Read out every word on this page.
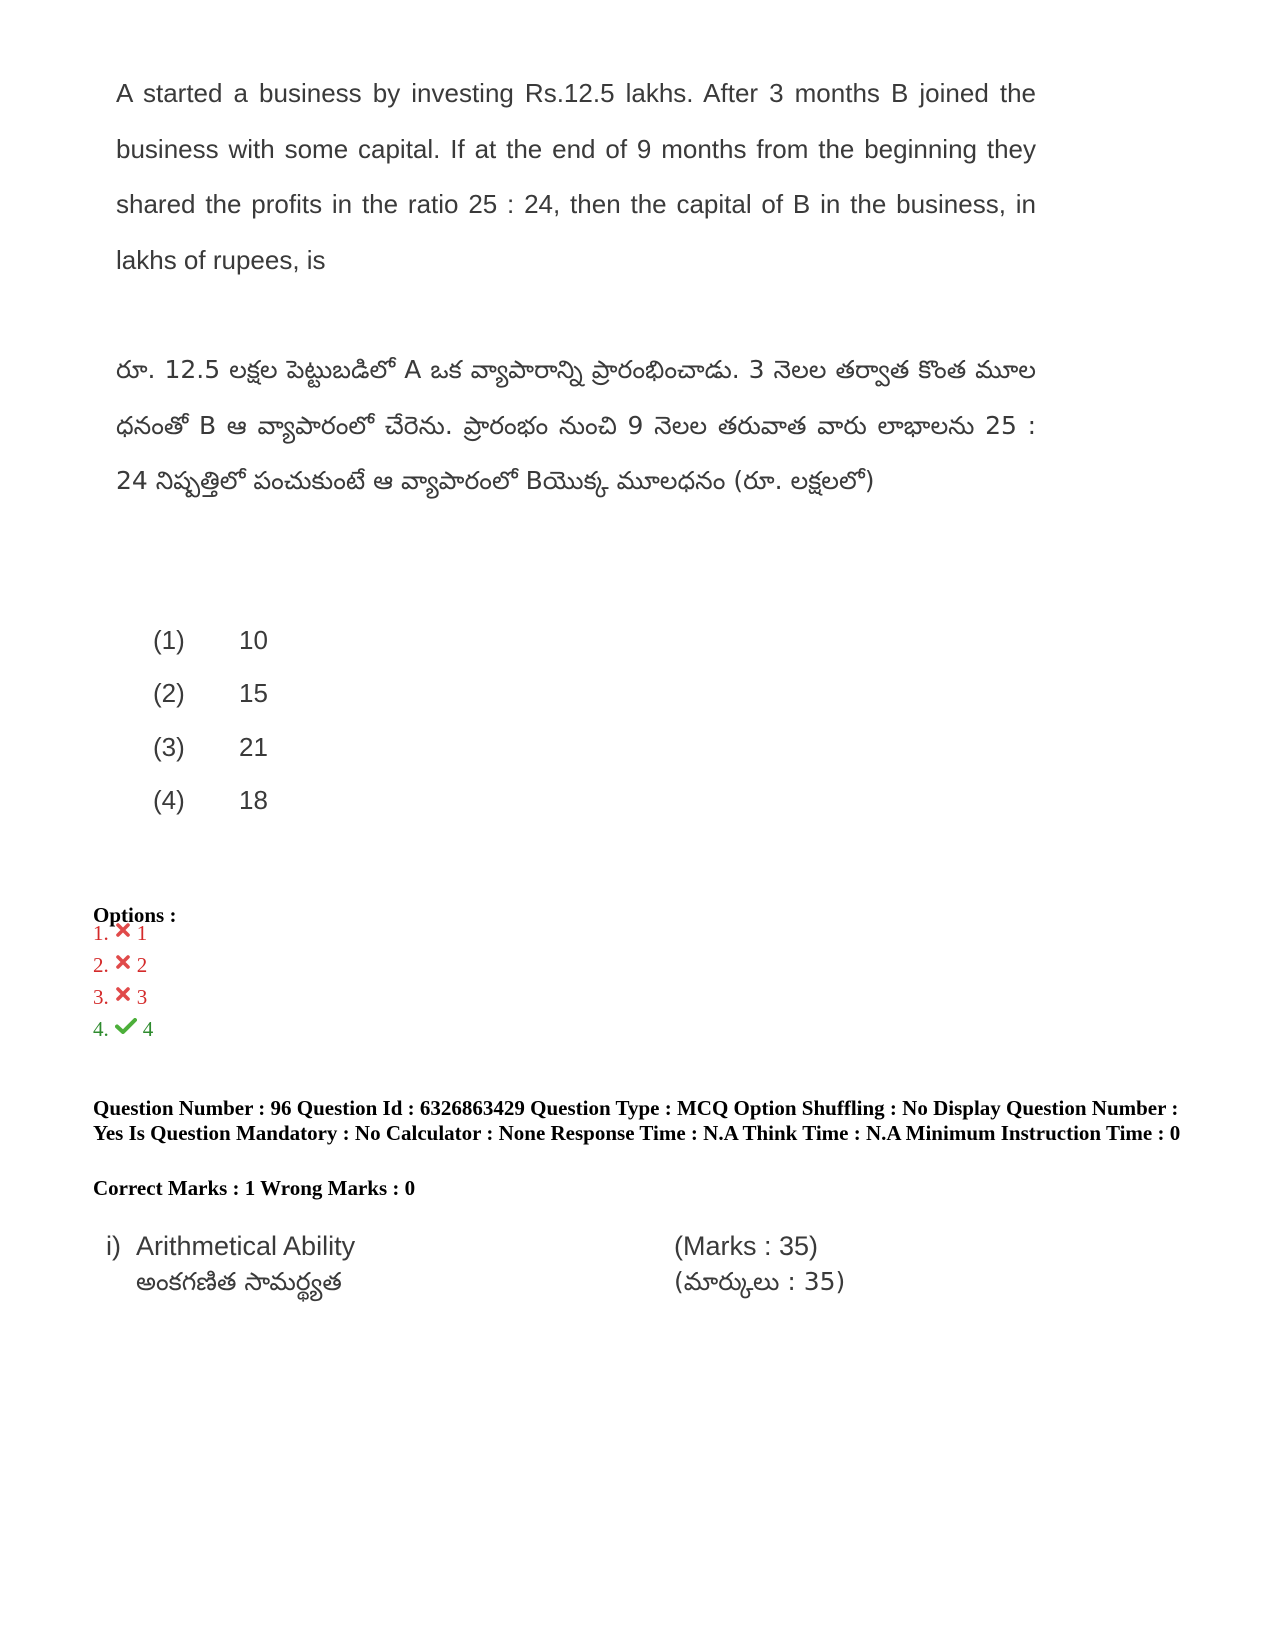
A started a business by investing Rs.12.5 lakhs. After 3 months B joined the business with some capital. If at the end of 9 months from the beginning they shared the profits in the ratio 25 : 24, then the capital of B in the business, in lakhs of rupees, is
రూ. 12.5 లక్షల పెట్టుబడిలో A ఒక వ్యాపారాన్ని ప్రారంభించాడు. 3 నెలల తర్వాత కొంత మూల ధనంతో B ఆ వ్యాపారంలో చేరెను. ప్రారంభం నుంచి 9 నెలల తరువాత వారు లాభాలను 25 : 24 నిష్పత్తిలో పంచుకుంటే ఆ వ్యాపారంలో Bయొక్క మూలధనం (రూ. లక్షలలో)
(1) 10
(2) 15
(3) 21
(4) 18
Options :
1. 1
2. 2
3. 3
4. 4
Question Number : 96 Question Id : 6326863429 Question Type : MCQ Option Shuffling : No Display Question Number : Yes Is Question Mandatory : No Calculator : None Response Time : N.A Think Time : N.A Minimum Instruction Time : 0
Correct Marks : 1 Wrong Marks : 0
i) Arithmetical Ability	(Marks : 35)
అంకగణిత సామర్థ్యత	(మార్కులు : 35)
